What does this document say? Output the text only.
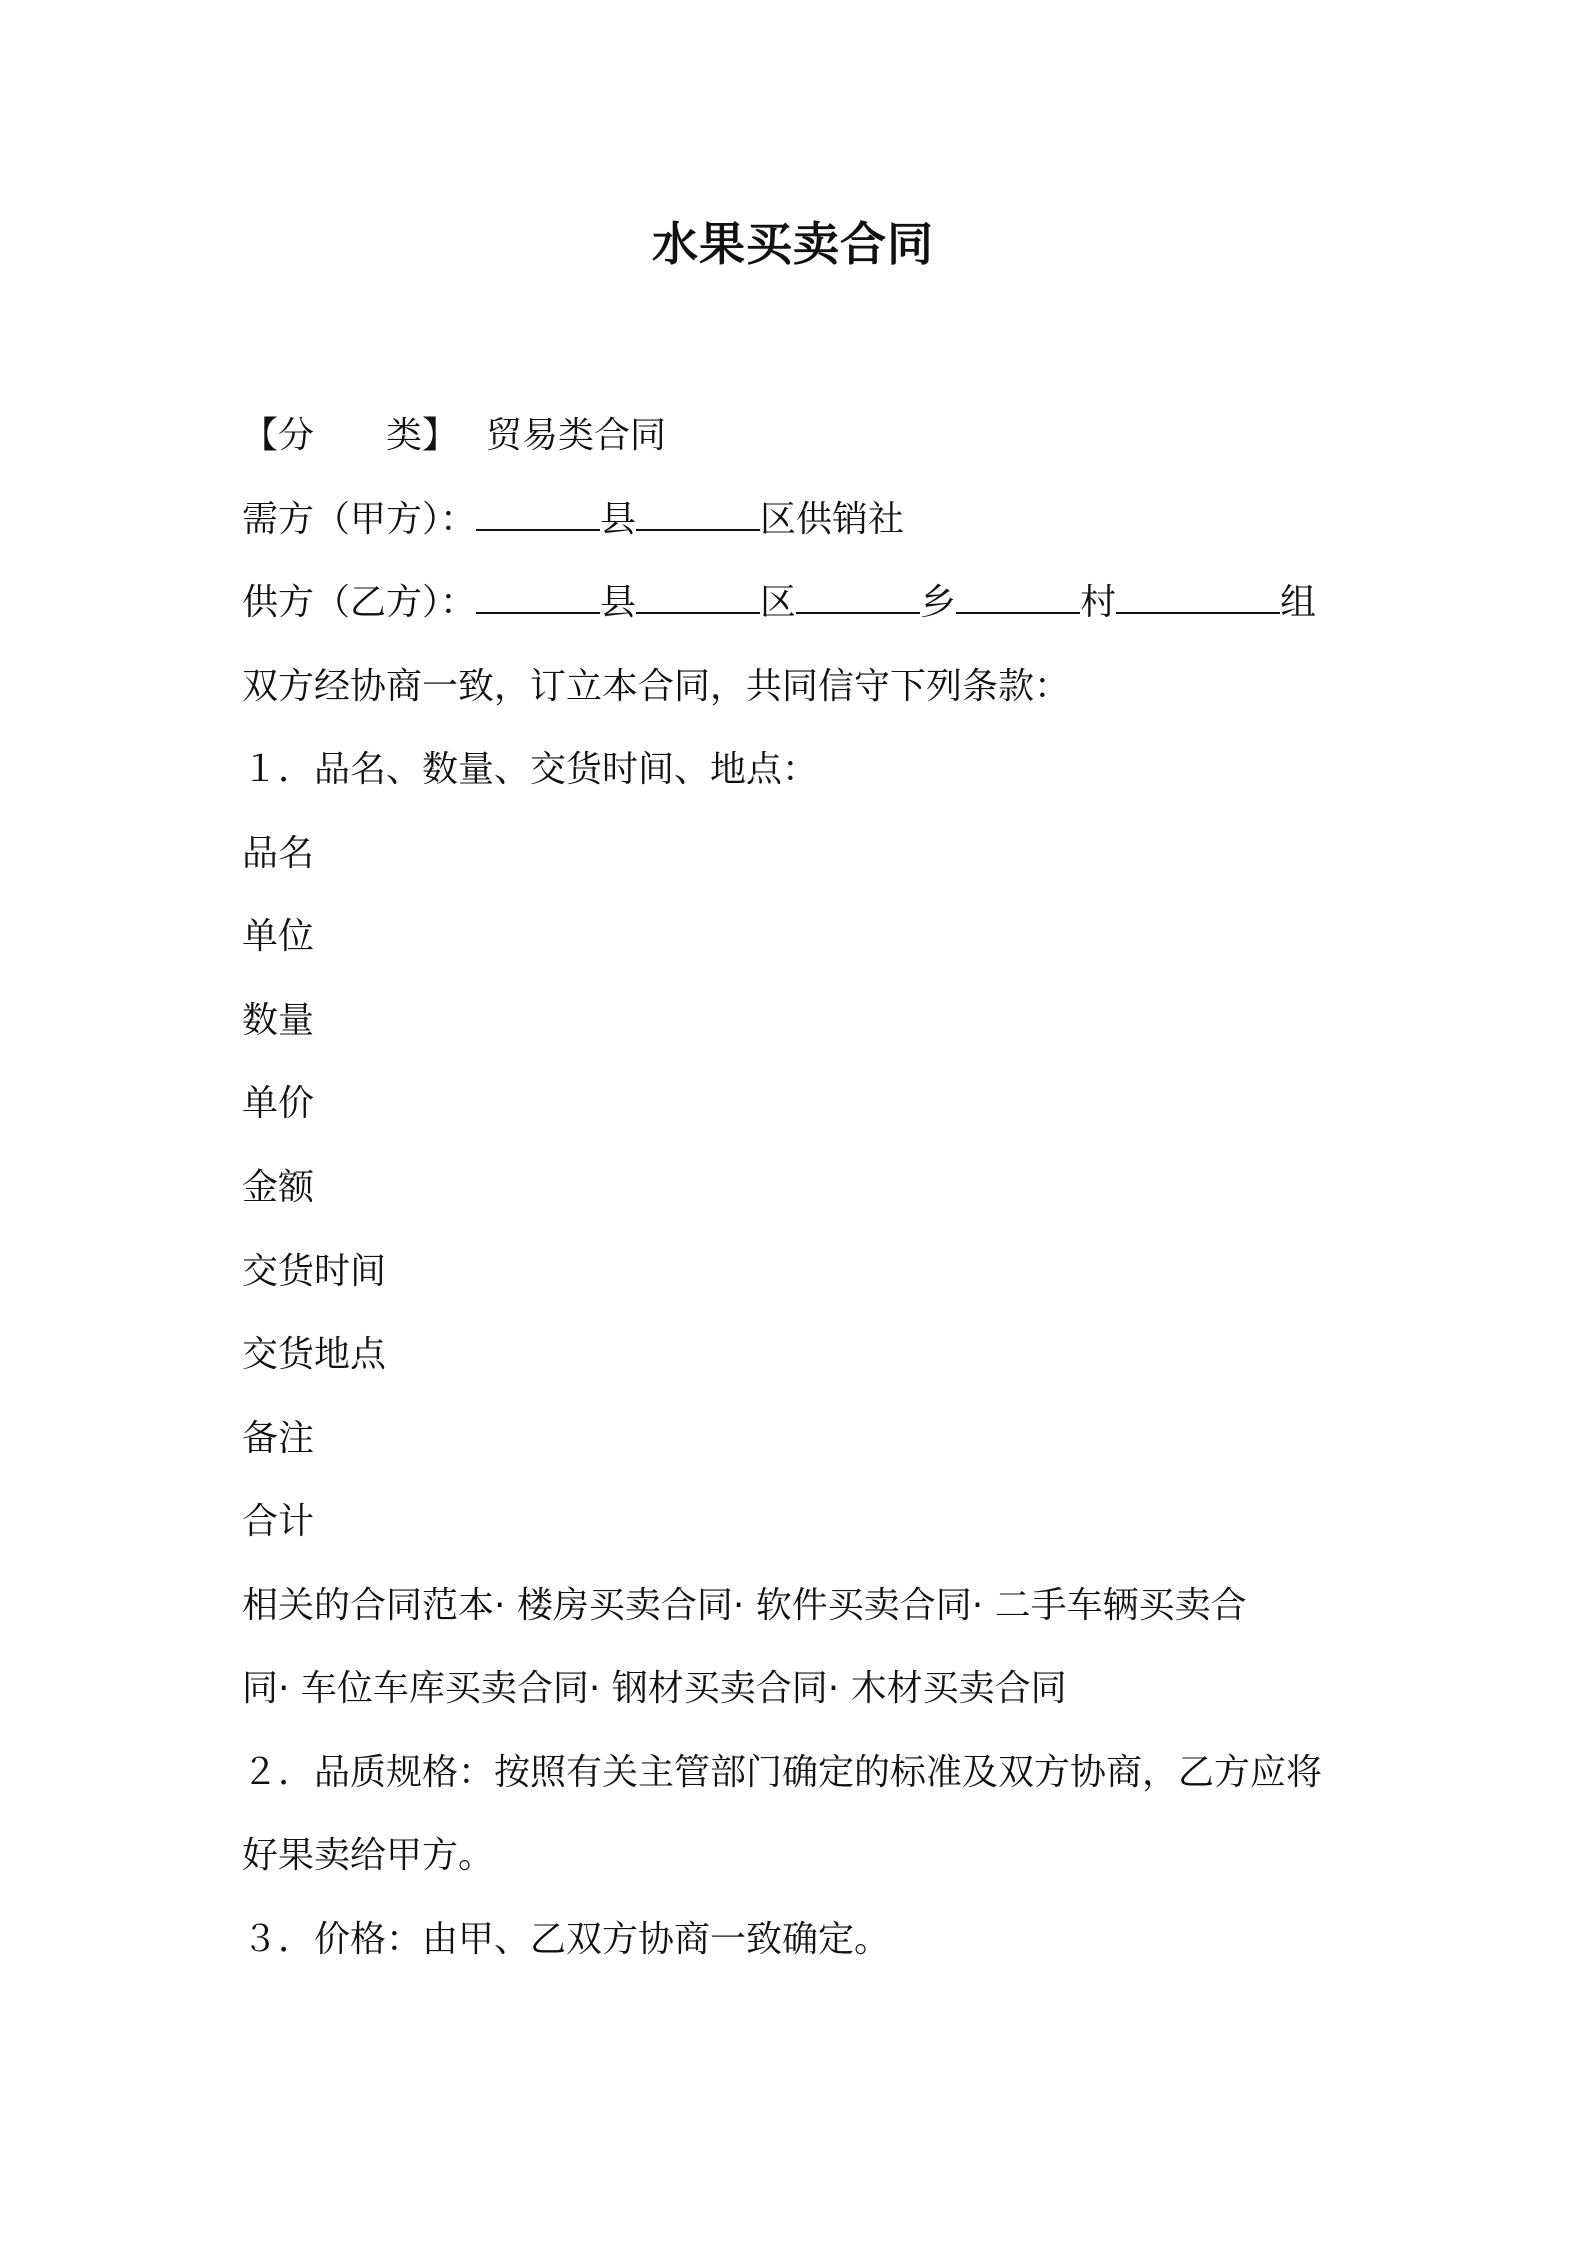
水果买卖合同
【分　　类】 贸易类合同
需方（甲方）：	县	区供销社
供方（乙方）：	县	区	乡	村	组
双方经协商一致，订立本合同，共同信守下列条款：
１．品名、数量、交货时间、地点：
品名
单位
数量
单价
金额
交货时间
交货地点
备注
合计
相关的合同范本· 楼房买卖合同· 软件买卖合同· 二手车辆买卖合
同· 车位车库买卖合同· 钢材买卖合同· 木材买卖合同
２．品质规格：按照有关主管部门确定的标准及双方协商，乙方应将
好果卖给甲方。
３．价格：由甲、乙双方协商一致确定。
